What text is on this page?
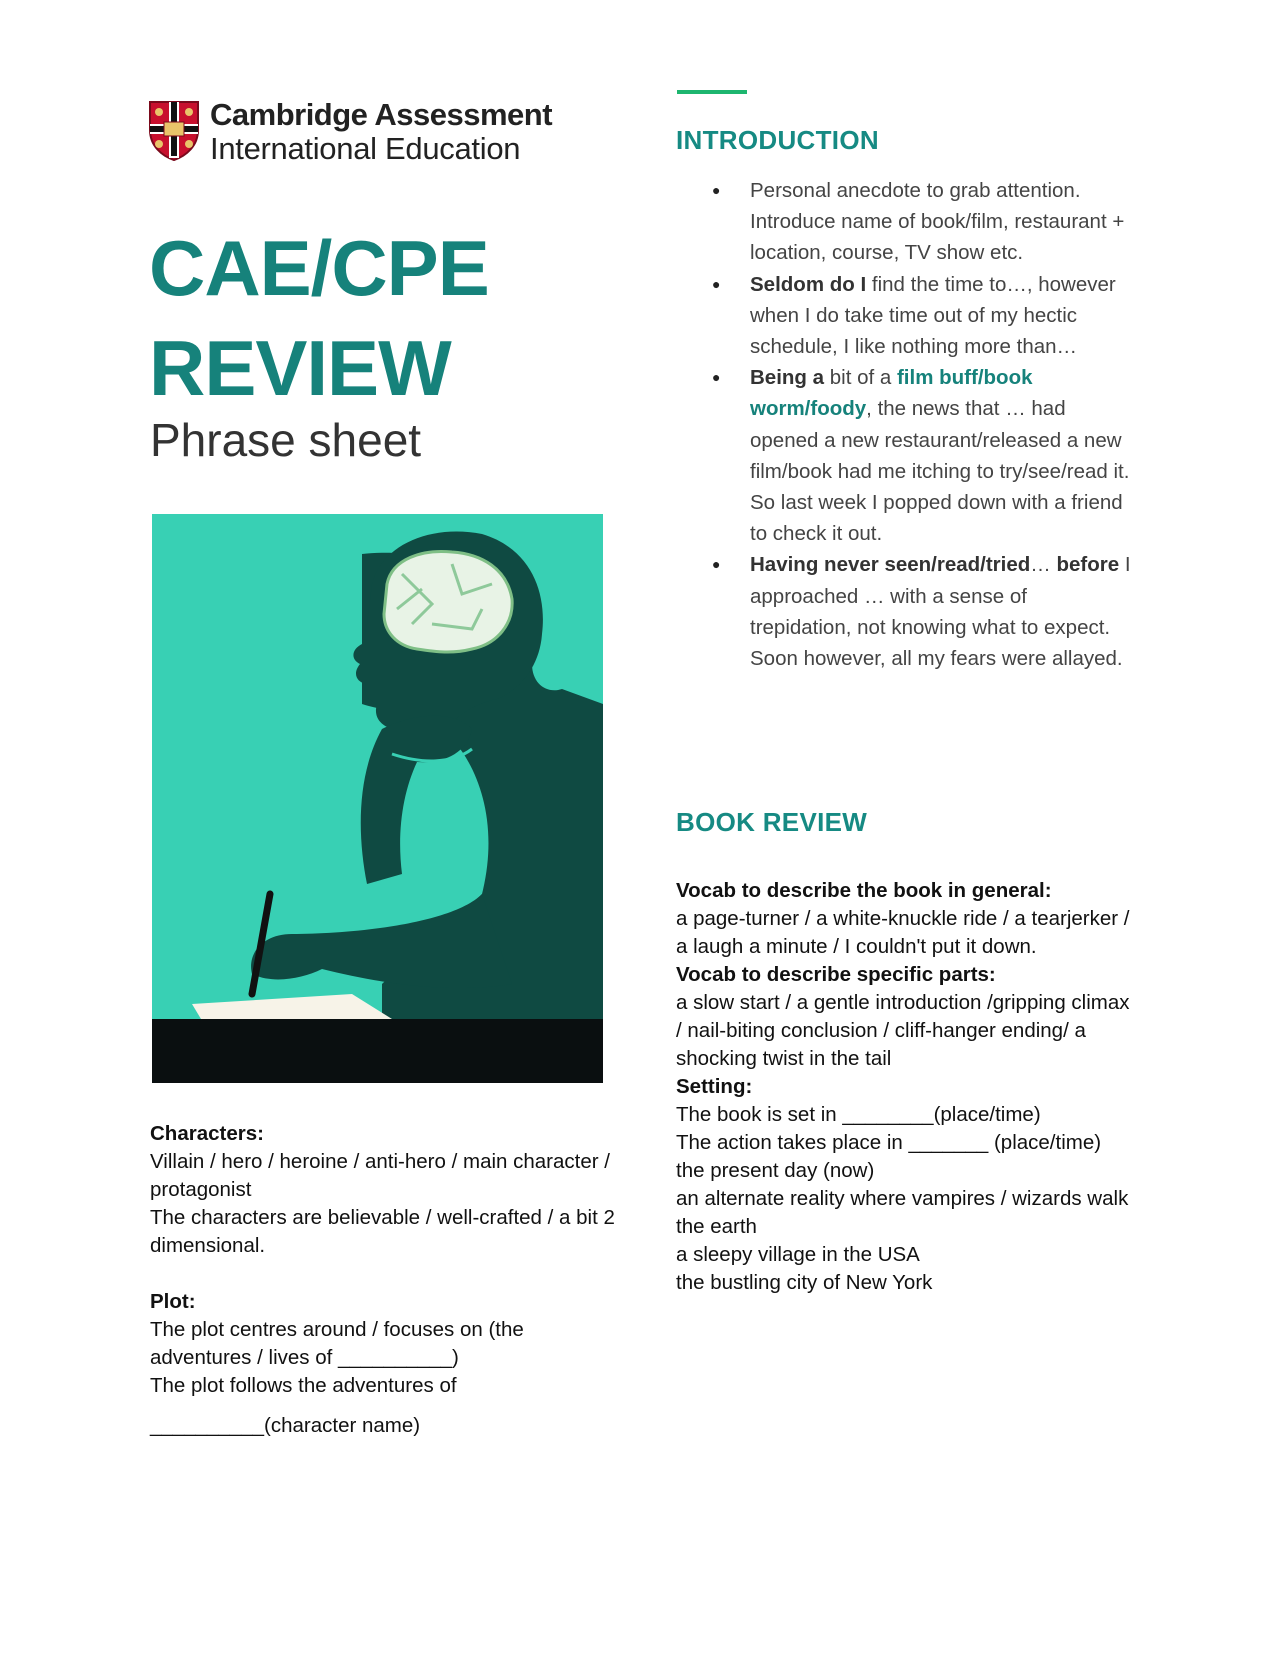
Cambridge Assessment
International Education
CAE/CPE
REVIEW
Phrase sheet

Characters:

Villain / hero / heroine / anti-hero / main character / protagonist

The characters are believable / well-crafted / a bit 2 dimensional.

Plot:

The plot centres around / focuses on (the adventures / lives of __________)

The plot follows the adventures of

__________(character name)

INTRODUCTION
● Personal anecdote to grab attention. Introduce name of book/film, restaurant + location, course, TV show etc.
● Seldom do I find the time to…, however when I do take time out of my hectic schedule, I like nothing more than…
● Being a bit of a film buff/book worm/foody, the news that … had opened a new restaurant/released a new film/book had me itching to try/see/read it. So last week I popped down with a friend to check it out.
● Having never seen/read/tried… before I approached … with a sense of trepidation, not knowing what to expect. Soon however, all my fears were allayed.
BOOK REVIEW

Vocab to describe the book in general:

a page-turner / a white-knuckle ride / a tearjerker / a laugh a minute / I couldn't put it down.

Vocab to describe specific parts:

a slow start / a gentle introduction /gripping climax / nail-biting conclusion / cliff-hanger ending/ a shocking twist in the tail

Setting:

The book is set in ________(place/time)

The action takes place in _______ (place/time)

the present day (now)

an alternate reality where vampires / wizards walk the earth

a sleepy village in the USA

the bustling city of New York
